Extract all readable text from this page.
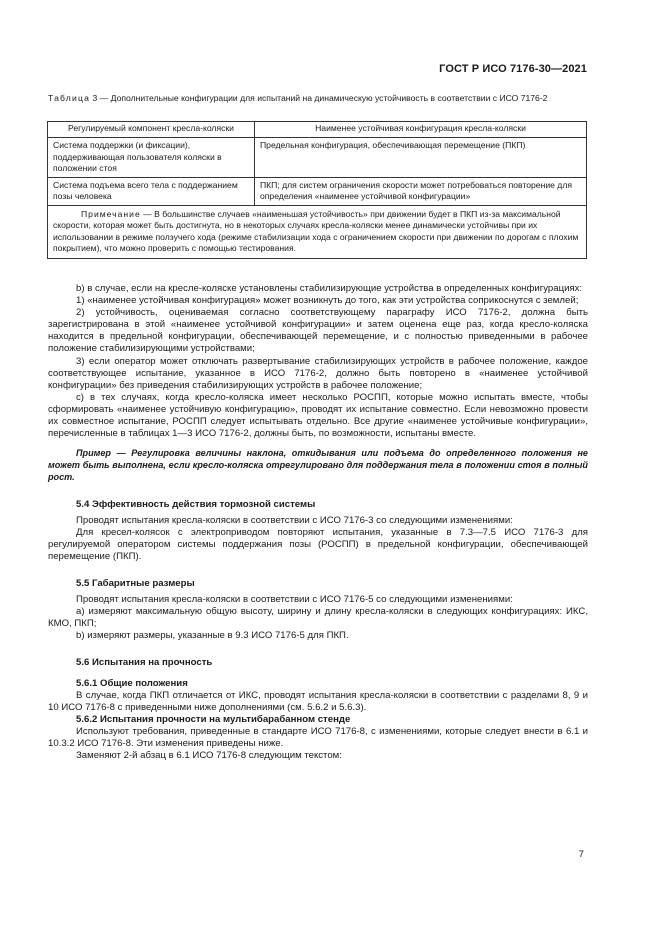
ГОСТ Р ИСО 7176-30—2021
Таблица 3 — Дополнительные конфигурации для испытаний на динамическую устойчивость в соответствии с ИСО 7176-2
Регулируемый компонент кресла-коляски	Наименее устойчивая конфигурация кресла-коляски
Система поддержки (и фиксации), поддерживающая пользователя коляски в положении стоя	Предельная конфигурация, обеспечивающая перемещение (ПКП)
Система подъема всего тела с поддержанием позы человека	ПКП; для систем ограничения скорости может потребоваться повторение для определения «наименее устойчивой конфигурации»
Примечание — В большинстве случаев «наименьшая устойчивость» при движении будет в ПКП из-за максимальной скорости, которая может быть достигнута, но в некоторых случаях кресла-коляски менее динамически устойчивы при их использовании в режиме ползучего хода (режиме стабилизации хода с ограничением скорости при движении по дорогам с плохим покрытием), что можно проверить с помощью тестирования.	

b) в случае, если на кресле-коляске установлены стабилизирующие устройства в определенных конфигурациях:

1) «наименее устойчивая конфигурация» может возникнуть до того, как эти устройства соприкоснутся с землей;

2) устойчивость, оцениваемая согласно соответствующему параграфу ИСО 7176-2, должна быть зарегистрирована в этой «наименее устойчивой конфигурации» и затем оценена еще раз, когда кресло-коляска находится в предельной конфигурации, обеспечивающей перемещение, и с полностью приведенными в рабочее положение стабилизирующими устройствами;

3) если оператор может отключать развертывание стабилизирующих устройств в рабочее положение, каждое соответствующее испытание, указанное в ИСО 7176-2, должно быть повторено в «наименее устойчивой конфигурации» без приведения стабилизирующих устройств в рабочее положение;

с) в тех случаях, когда кресло-коляска имеет несколько РОСПП, которые можно испытать вместе, чтобы сформировать «наименее устойчивую конфигурацию», проводят их испытание совместно. Если невозможно провести их совместное испытание, РОСПП следует испытывать отдельно. Все другие «наименее устойчивые конфигурации», перечисленные в таблицах 1—3 ИСО 7176-2, должны быть, по возможности, испытаны вместе.

Пример — Регулировка величины наклона, откидывания или подъема до определенного положения не может быть выполнена, если кресло-коляска отрегулировано для поддержания тела в положении стоя в полный рост.

5.4 Эффективность действия тормозной системы

Проводят испытания кресла-коляски в соответствии с ИСО 7176-3 со следующими изменениями:

Для кресел-колясок с электроприводом повторяют испытания, указанные в 7.3—7.5 ИСО 7176-3 для регулируемой оператором системы поддержания позы (РОСПП) в предельной конфигурации, обеспечивающей перемещение (ПКП).

5.5 Габаритные размеры

Проводят испытания кресла-коляски в соответствии с ИСО 7176-5 со следующими изменениями:

а) измеряют максимальную общую высоту, ширину и длину кресла-коляски в следующих конфигурациях: ИКС, КМО, ПКП;

b) измеряют размеры, указанные в 9.3 ИСО 7176-5 для ПКП.

5.6 Испытания на прочность
5.6.1 Общие положения

В случае, когда ПКП отличается от ИКС, проводят испытания кресла-коляски в соответствии с разделами 8, 9 и 10 ИСО 7176-8 с приведенными ниже дополнениями (см. 5.6.2 и 5.6.3).

5.6.2 Испытания прочности на мультибарабанном стенде

Используют требования, приведенные в стандарте ИСО 7176-8, с изменениями, которые следует внести в 6.1 и 10.3.2 ИСО 7176-8. Эти изменения приведены ниже.

Заменяют 2-й абзац в 6.1 ИСО 7176-8 следующим текстом:

7
